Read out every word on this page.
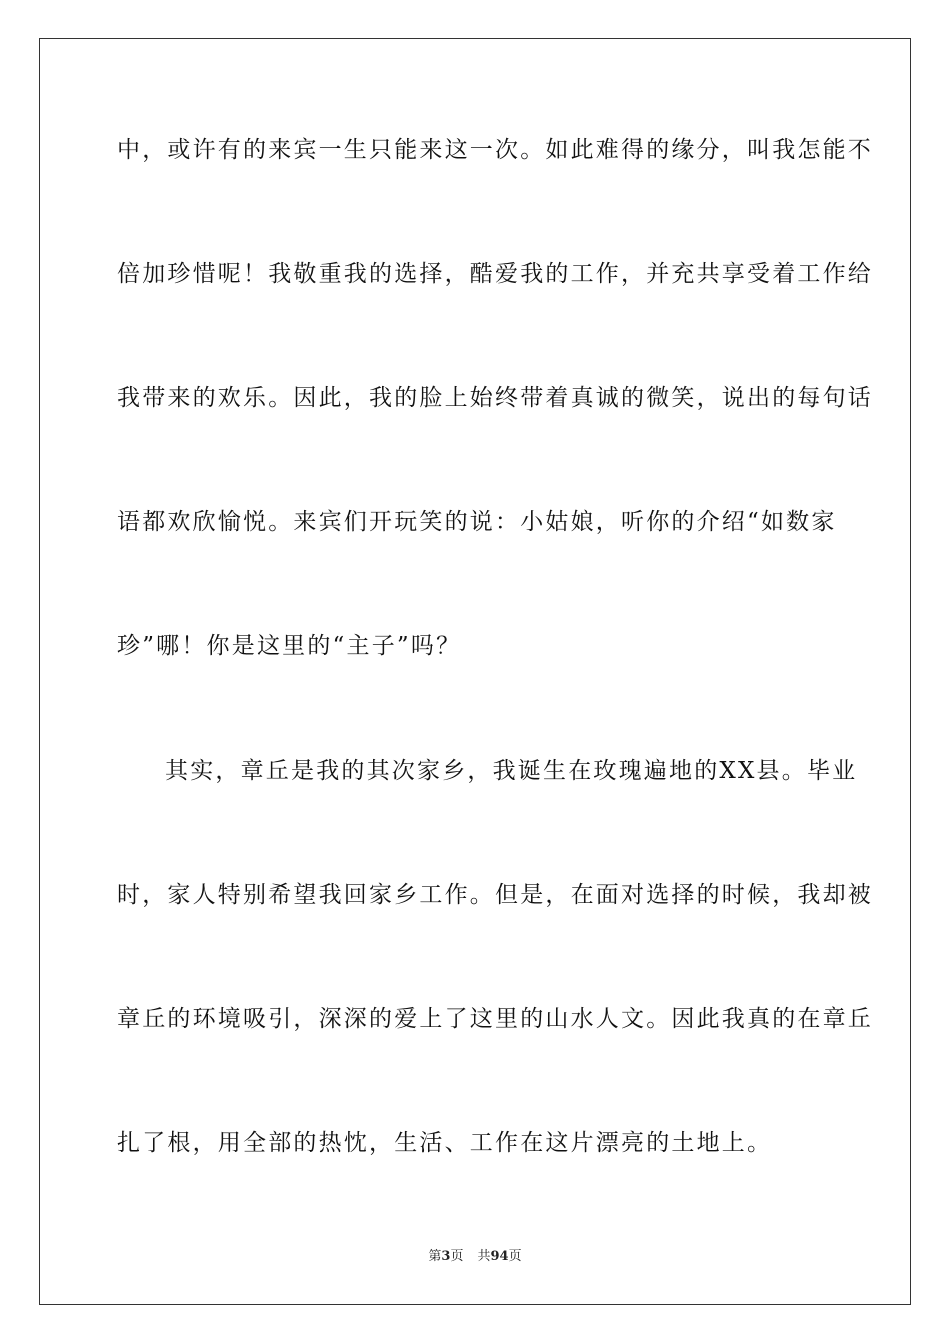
中，或许有的来宾一生只能来这一次。如此难得的缘分，叫我怎能不
倍加珍惜呢！我敬重我的选择，酷爱我的工作，并充共享受着工作给
我带来的欢乐。因此，我的脸上始终带着真诚的微笑，说出的每句话
语都欢欣愉悦。来宾们开玩笑的说：小姑娘，听你的介绍“如数家
珍”哪！你是这里的“主子”吗？
其实，章丘是我的其次家乡，我诞生在玫瑰遍地的XX县。毕业
时，家人特别希望我回家乡工作。但是，在面对选择的时候，我却被
章丘的环境吸引，深深的爱上了这里的山水人文。因此我真的在章丘
扎了根，用全部的热忱，生活、工作在这片漂亮的土地上。
第3页 共94页
